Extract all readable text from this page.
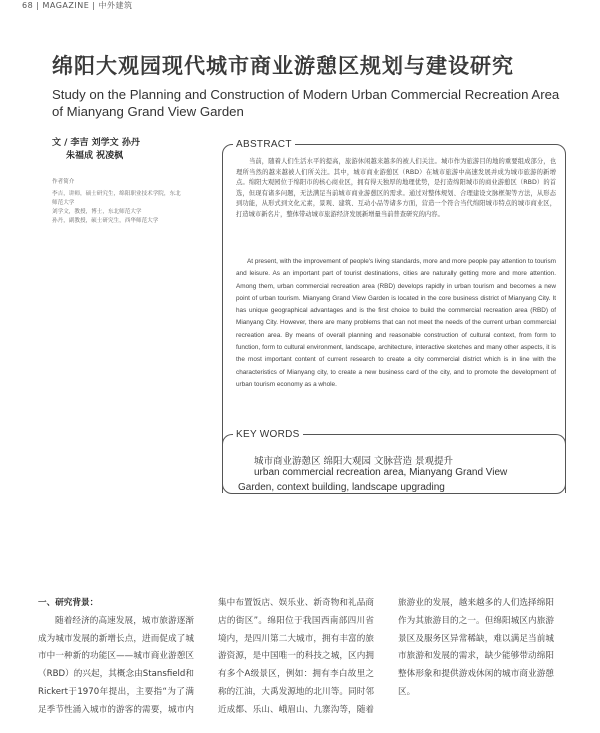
68 | MAGAZINE | 中外建筑
绵阳大观园现代城市商业游憩区规划与建设研究
Study on the Planning and Construction of Modern Urban Commercial Recreation Area of Mianyang Grand View Garden
文 / 李吉 刘学文 孙丹
朱福成 祝凌枫
作者简介
李吉，讲师，硕士研究生，绵阳职业技术学院，东北
师范大学
刘学文，教授，博士，东北师范大学
孙丹，副教授，硕士研究生，西华师范大学
ABSTRACT
当前，随着人们生活水平的提高，旅游休闲越来越多的被人们关注。城市作为旅游目的地的重要组成部分，也理所当然的越来越被人们所关注。其中，城市商业游憩区（RBD）在城市旅游中高速发展并成为城市旅游的新增点。绵阳大观园位于绵阳市的核心商业区，拥有得天独厚的地理优势，是打造绵阳城市的商业游憩区（RBD）的首选，但现有诸多问题，无法满足当前城市商业游憩区的需求。通过对整体规划、合理建设文脉框架等方法，从形态到功能，从形式到文化元素，景观、建筑、互动小品等诸多方面，营造一个符合当代绵阳城市特点的城市商业区，打造城市新名片，整体带动城市旅游经济发展新增量当前普查研究的内容。
At present, with the improvement of people's living standards, more and more people pay attention to tourism and leisure. As an important part of tourist destinations, cities are naturally getting more and more attention. Among them, urban commercial recreation area (RBD) develops rapidly in urban tourism and becomes a new point of urban tourism. Mianyang Grand View Garden is located in the core business district of Mianyang City. It has unique geographical advantages and is the first choice to build the commercial recreation area (RBD) of Mianyang City. However, there are many problems that can not meet the needs of the current urban commercial recreation area. By means of overall planning and reasonable construction of cultural context, from form to function, form to cultural environment, landscape, architecture, interactive sketches and many other aspects, it is the most important content of current research to create a city commercial district which is in line with the characteristics of Mianyang city, to create a new business card of the city, and to promote the development of urban tourism economy as a whole.
KEY WORDS
城市商业游憩区 绵阳大观园 文脉营造 景观提升
urban commercial recreation area, Mianyang Grand View Garden, context building, landscape upgrading
一、研究背景：

随着经济的高速发展，城市旅游逐渐成为城市发展的新增长点，进而促成了城市中一种新的功能区——城市商业游憩区（RBD）的兴起，其概念由Stansfield和Rickert于1970年提出，主要指“为了满足季节性涌入城市的游客的需要，城市内集中布置饭店、娱乐业、新奇物和礼品商店的街区”。绵阳位于我国西南部四川省境内，是四川第二大城市，拥有丰富的旅游资源，是中国唯一的科技之城，区内拥有多个A级景区，例如：拥有李白故里之称的江油，大禹发源地的北川等。同时邻近成都、乐山、峨眉山、九寨沟等，随着旅游业的发展，越来越多的人们选择绵阳作为其旅游目的之一。但绵阳城区内旅游景区及服务区异常稀缺，难以满足当前城市旅游和发展的需求，缺少能够带动绵阳整体形象和提供游戏休闲的城市商业游憩区。
